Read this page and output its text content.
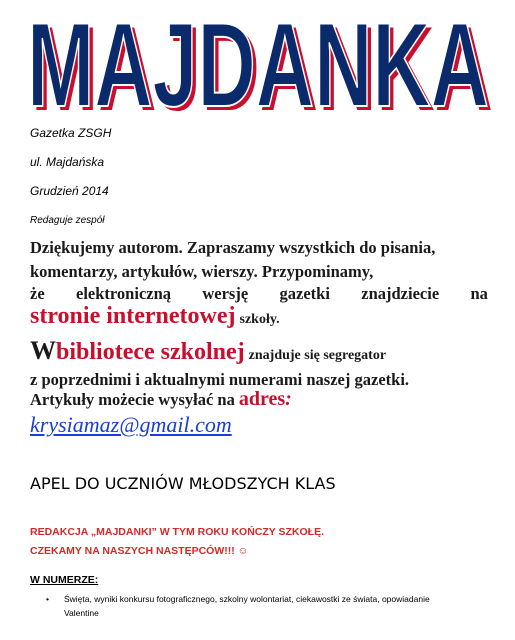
MAJDANKA
MAJDANKA
Gazetka ZSGH
ul. Majdańska
Grudzień 2014
Redaguje zespół
Dziękujemy autorom. Zapraszamy wszystkich do pisania,
komentarzy, artykułów, wierszy. Przypominamy,
że elektroniczną wersję gazetki znajdziecie na
stronie internetowej szkoły.
Wbibliotece szkolnej znajduje się segregator
z poprzednimi i aktualnymi numerami naszej gazetki.
Artykuły możecie wysyłać na adres:
krysiamaz@gmail.com
APEL DO UCZNIÓW MŁODSZYCH KLAS
REDAKCJA „MAJDANKI” W TYM ROKU KOŃCZY SZKOŁĘ.
CZEKAMY NA NASZYCH NASTĘPCÓW!!! ☺
W NUMERZE:
• Święta, wyniki konkursu fotograficznego, szkolny wolontariat, ciekawostki ze świata, opowiadanie Valentine
